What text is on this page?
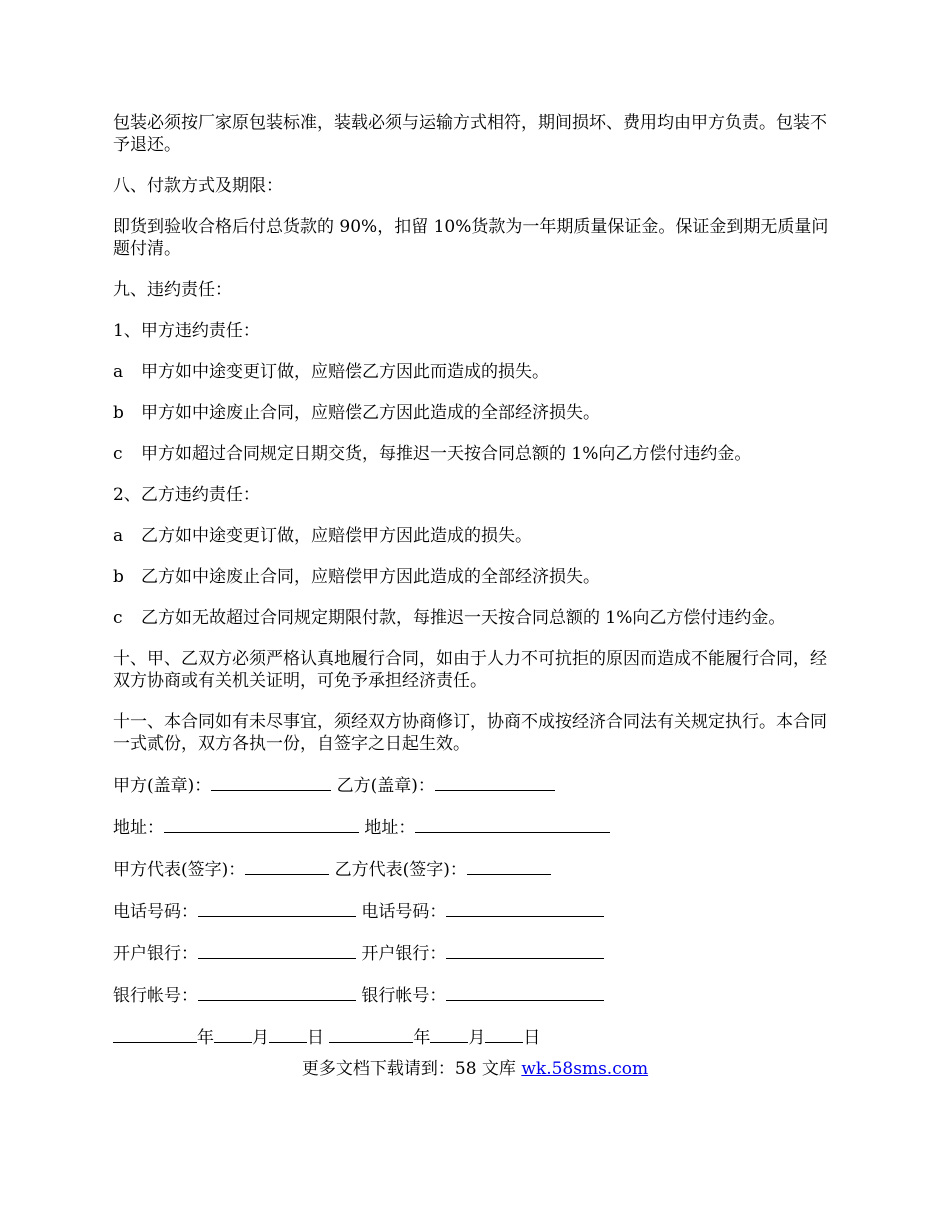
包装必须按厂家原包装标准，装载必须与运输方式相符，期间损坏、费用均由甲方负责。包装不予退还。

八、付款方式及期限：

即货到验收合格后付总货款的 90%，扣留 10%货款为一年期质量保证金。保证金到期无质量问题付清。

九、违约责任：

1、甲方违约责任：

a	甲方如中途变更订做，应赔偿乙方因此而造成的损失。
b	甲方如中途废止合同，应赔偿乙方因此造成的全部经济损失。
c	甲方如超过合同规定日期交货，每推迟一天按合同总额的 1%向乙方偿付违约金。

2、乙方违约责任：

a	乙方如中途变更订做，应赔偿甲方因此造成的损失。
b	乙方如中途废止合同，应赔偿甲方因此造成的全部经济损失。
c	乙方如无故超过合同规定期限付款，每推迟一天按合同总额的 1%向乙方偿付违约金。

十、甲、乙双方必须严格认真地履行合同，如由于人力不可抗拒的原因而造成不能履行合同，经双方协商或有关机关证明，可免予承担经济责任。

十一、本合同如有未尽事宜，须经双方协商修订，协商不成按经济合同法有关规定执行。本合同一式贰份，双方各执一份，自签字之日起生效。

甲方(盖章)：	乙方(盖章)：
地址：	地址：
甲方代表(签字)：	乙方代表(签字)：
电话号码：	电话号码：
开户银行：	开户银行：
银行帐号：	银行帐号：
年 月 日	年 月 日
更多文档下载请到：58 文库 wk.58sms.com
